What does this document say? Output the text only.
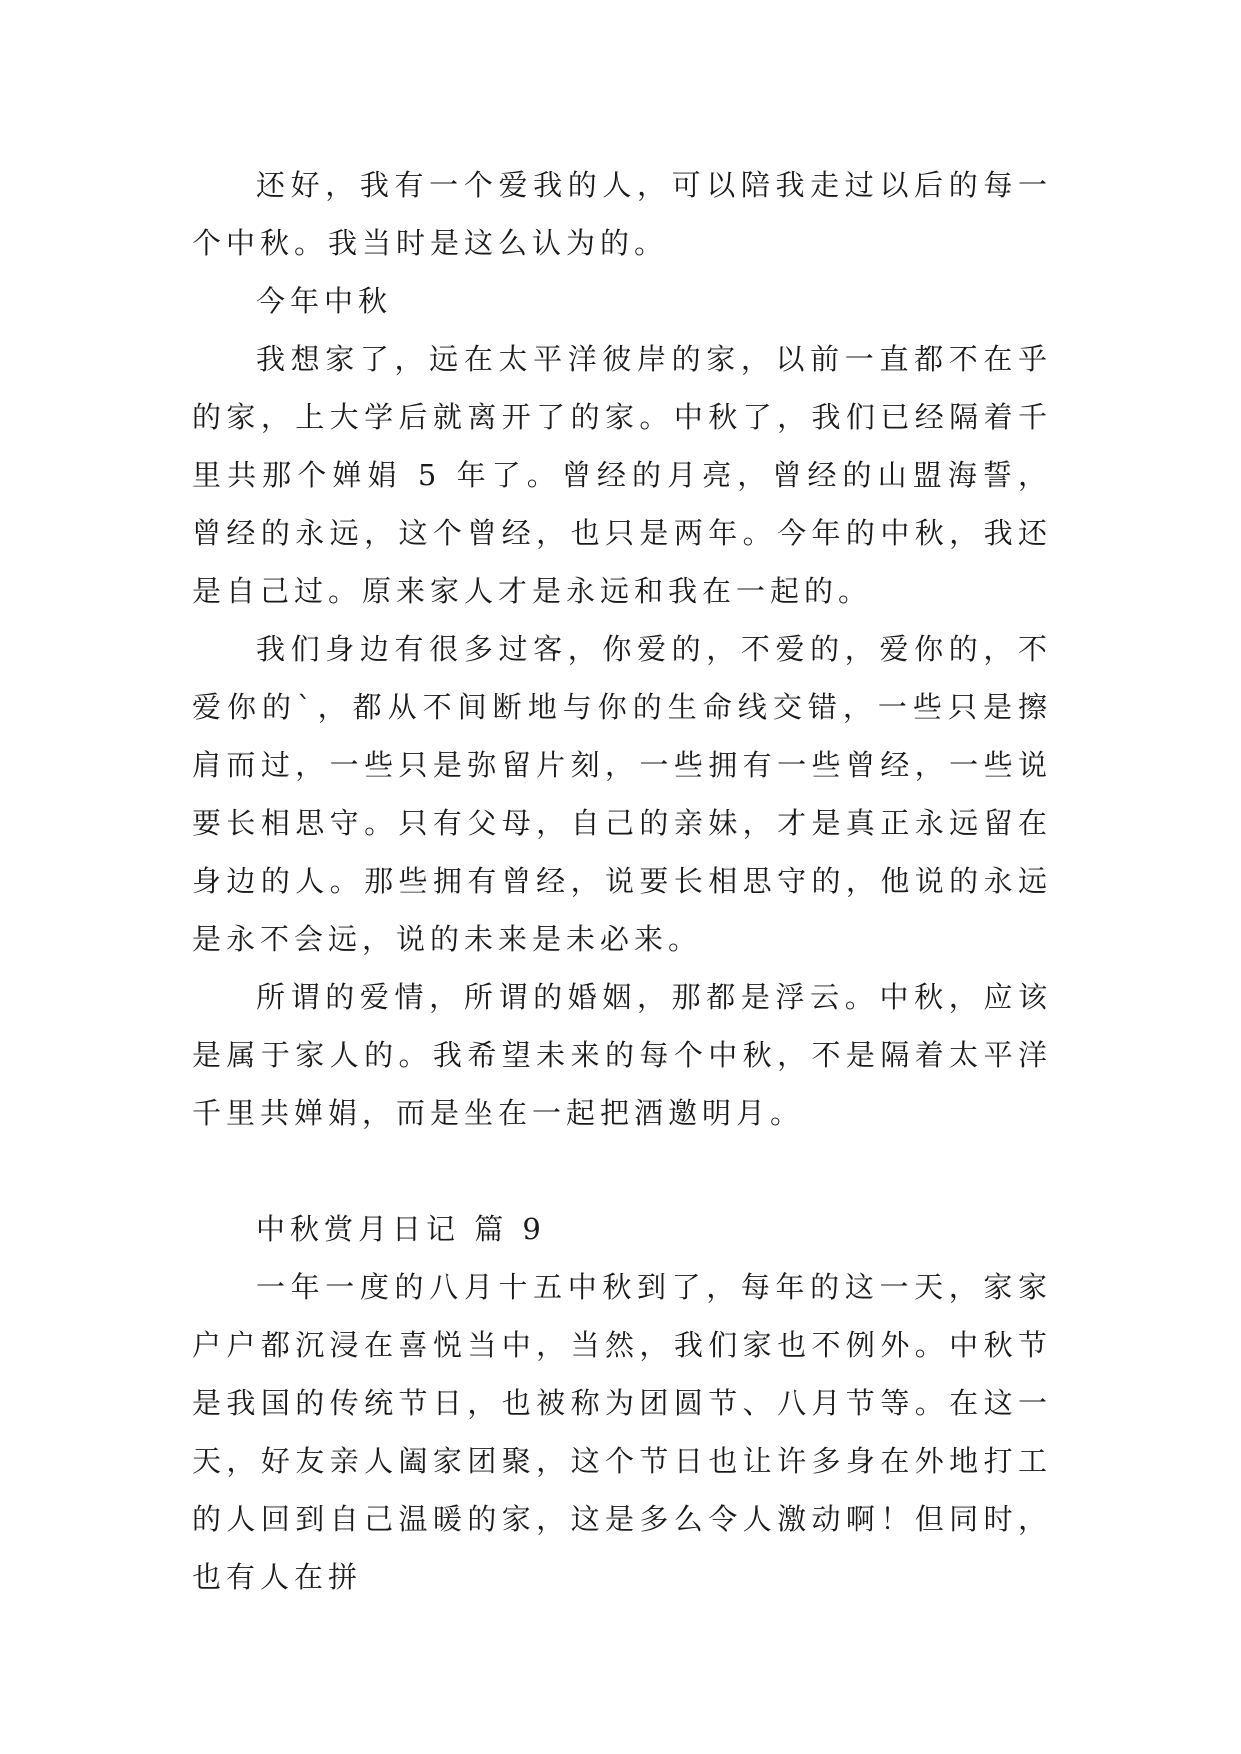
还好，我有一个爱我的人，可以陪我走过以后的每一个中秋。我当时是这么认为的。

今年中秋

我想家了，远在太平洋彼岸的家，以前一直都不在乎的家，上大学后就离开了的家。中秋了，我们已经隔着千里共那个婵娟 5 年了。曾经的月亮，曾经的山盟海誓，曾经的永远，这个曾经，也只是两年。今年的中秋，我还是自己过。原来家人才是永远和我在一起的。

我们身边有很多过客，你爱的，不爱的，爱你的，不爱你的`，都从不间断地与你的生命线交错，一些只是擦肩而过，一些只是弥留片刻，一些拥有一些曾经，一些说要长相思守。只有父母，自己的亲妹，才是真正永远留在身边的人。那些拥有曾经，说要长相思守的，他说的永远是永不会远，说的未来是未必来。

所谓的爱情，所谓的婚姻，那都是浮云。中秋，应该是属于家人的。我希望未来的每个中秋，不是隔着太平洋千里共婵娟，而是坐在一起把酒邀明月。

中秋赏月日记 篇 9

一年一度的八月十五中秋到了，每年的这一天，家家户户都沉浸在喜悦当中，当然，我们家也不例外。中秋节是我国的传统节日，也被称为团圆节、八月节等。在这一天，好友亲人阖家团聚，这个节日也让许多身在外地打工的人回到自己温暖的家，这是多么令人激动啊！但同时，也有人在拼
